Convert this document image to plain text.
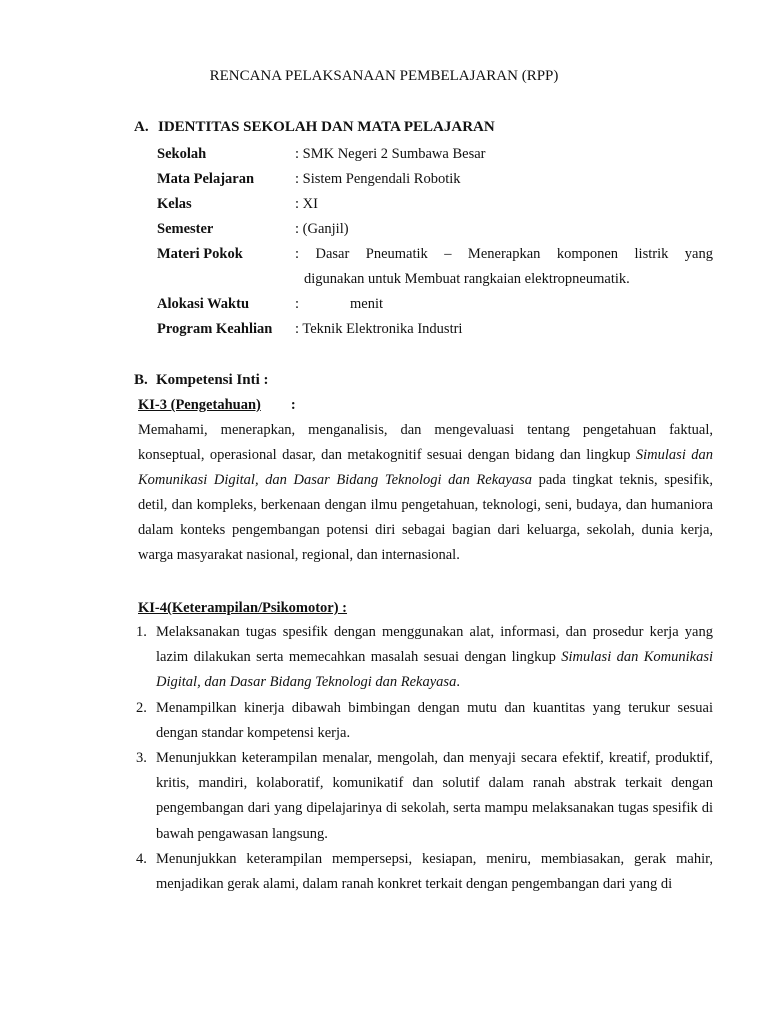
RENCANA PELAKSANAAN PEMBELAJARAN (RPP)
A. IDENTITAS SEKOLAH DAN MATA PELAJARAN
Sekolah	: SMK Negeri 2 Sumbawa Besar
Mata Pelajaran	: Sistem Pengendali Robotik
Kelas	: XI
Semester	: (Ganjil)
Materi Pokok	: Dasar Pneumatik – Menerapkan komponen listrik yang
digunakan untuk Membuat rangkaian elektropneumatik.
Alokasi Waktu	:	menit
Program Keahlian	: Teknik Elektronika Industri
B. Kompetensi Inti :
KI-3 (Pengetahuan) :

Memahami, menerapkan, menganalisis, dan mengevaluasi tentang pengetahuan faktual, konseptual, operasional dasar, dan metakognitif sesuai dengan bidang dan lingkup Simulasi dan Komunikasi Digital, dan Dasar Bidang Teknologi dan Rekayasa pada tingkat teknis, spesifik, detil, dan kompleks, berkenaan dengan ilmu pengetahuan, teknologi, seni, budaya, dan humaniora dalam konteks pengembangan potensi diri sebagai bagian dari keluarga, sekolah, dunia kerja, warga masyarakat nasional, regional, dan internasional.

KI-4(Keterampilan/Psikomotor) :
1. Melaksanakan tugas spesifik dengan menggunakan alat, informasi, dan prosedur kerja yang lazim dilakukan serta memecahkan masalah sesuai dengan lingkup Simulasi dan Komunikasi Digital, dan Dasar Bidang Teknologi dan Rekayasa.
2. Menampilkan kinerja dibawah bimbingan dengan mutu dan kuantitas yang terukur sesuai dengan standar kompetensi kerja.
3. Menunjukkan keterampilan menalar, mengolah, dan menyaji secara efektif, kreatif, produktif, kritis, mandiri, kolaboratif, komunikatif dan solutif dalam ranah abstrak terkait dengan pengembangan dari yang dipelajarinya di sekolah, serta mampu melaksanakan tugas spesifik di bawah pengawasan langsung.
4. Menunjukkan keterampilan mempersepsi, kesiapan, meniru, membiasakan, gerak mahir, menjadikan gerak alami, dalam ranah konkret terkait dengan pengembangan dari yang di
